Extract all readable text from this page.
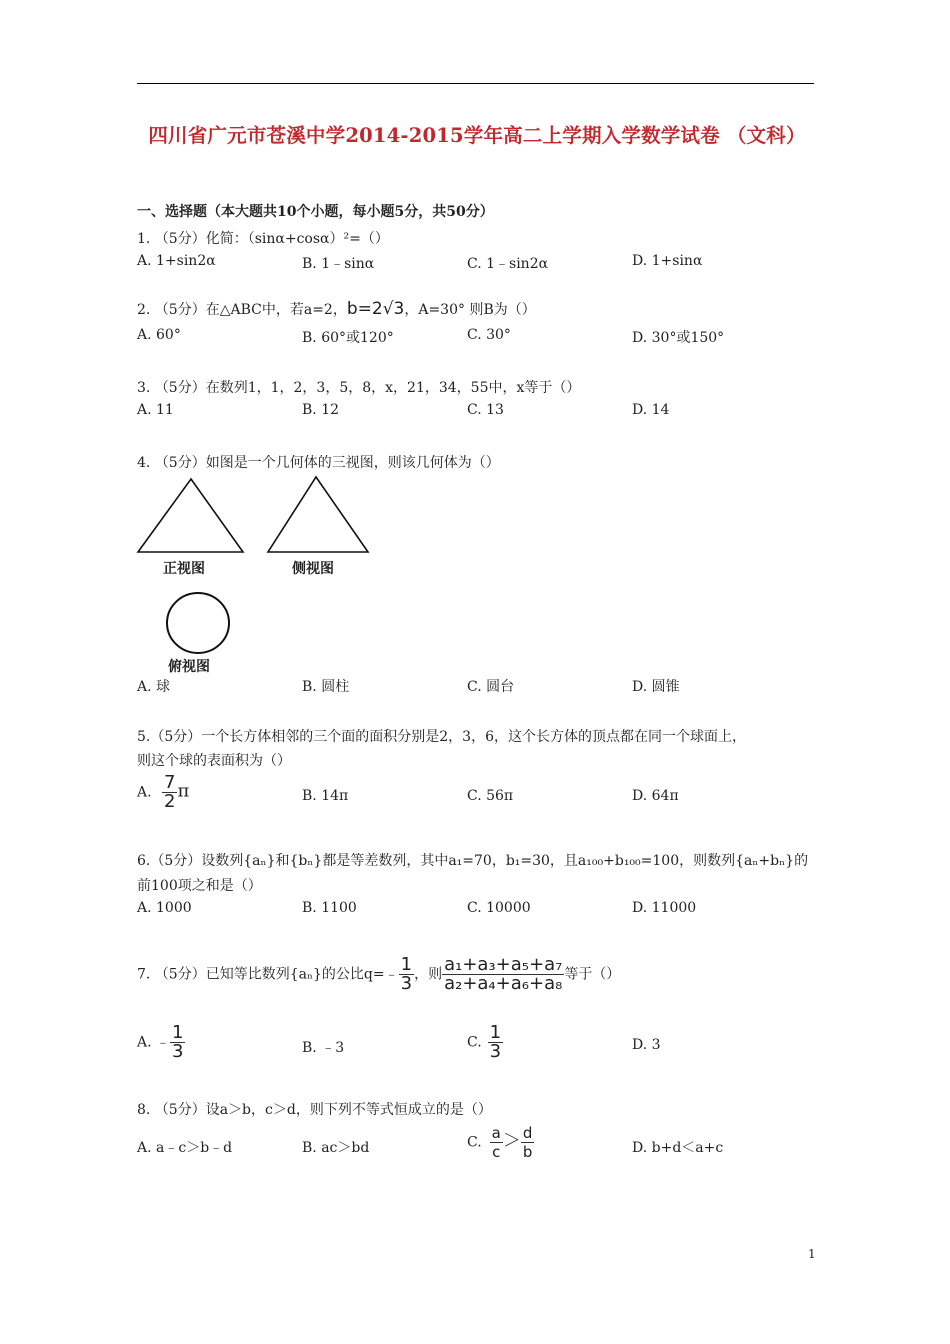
四川省广元市苍溪中学2014-2015学年高二上学期入学数学试卷 （文科）
一、选择题（本大题共10个小题，每小题5分，共50分）
1. （5分）化简：（sinα+cosα）²=（）
A. 1+sin2α	B. 1﹣sinα	C. 1﹣sin2α	D. 1+sinα
2. （5分）在△ABC中，若a=2，b=2√3，A=30° 则B为（）
A. 60°	B. 60°或120°	C. 30°	D. 30°或150°
3. （5分）在数列1，1，2，3，5，8，x，21，34，55中，x等于（）
A. 11	B. 12	C. 13	D. 14
4. （5分）如图是一个几何体的三视图，则该几何体为（）
正视图	侧视图
俯视图
A. 球	B. 圆柱	C. 圆台	D. 圆锥
5.（5分）一个长方体相邻的三个面的面积分别是2，3，6，这个长方体的顶点都在同一个球面上，
则这个球的表面积为（）
A. $\frac{7}{2}$ π	B. 14π	C. 56π	D. 64π
6.（5分）设数列{aₙ}和{bₙ}都是等差数列，其中a₁=70，b₁=30，且a₁₀₀+b₁₀₀=100，则数列{aₙ+bₙ}的
前100项之和是（）
A. 1000	B. 1100	C. 10000	D. 11000
7. （5分）已知等比数列{aₙ}的公比q=﹣ $\frac{1}{3}$ ，则 $\frac{\text{a₁+a₃+a₅+a₇}}{\text{a₂+a₄+a₆+a₈}}$ 等于（）
A. ﹣ $\frac{1}{3}$	B. ﹣3	C. $\frac{1}{3}$	D. 3
8. （5分）设a＞b，c＞d，则下列不等式恒成立的是（）
A. a﹣c＞b﹣d	B. ac＞bd	C. $\frac{a}{c} > \frac{d}{b}$	D. b+d＜a+c
1
